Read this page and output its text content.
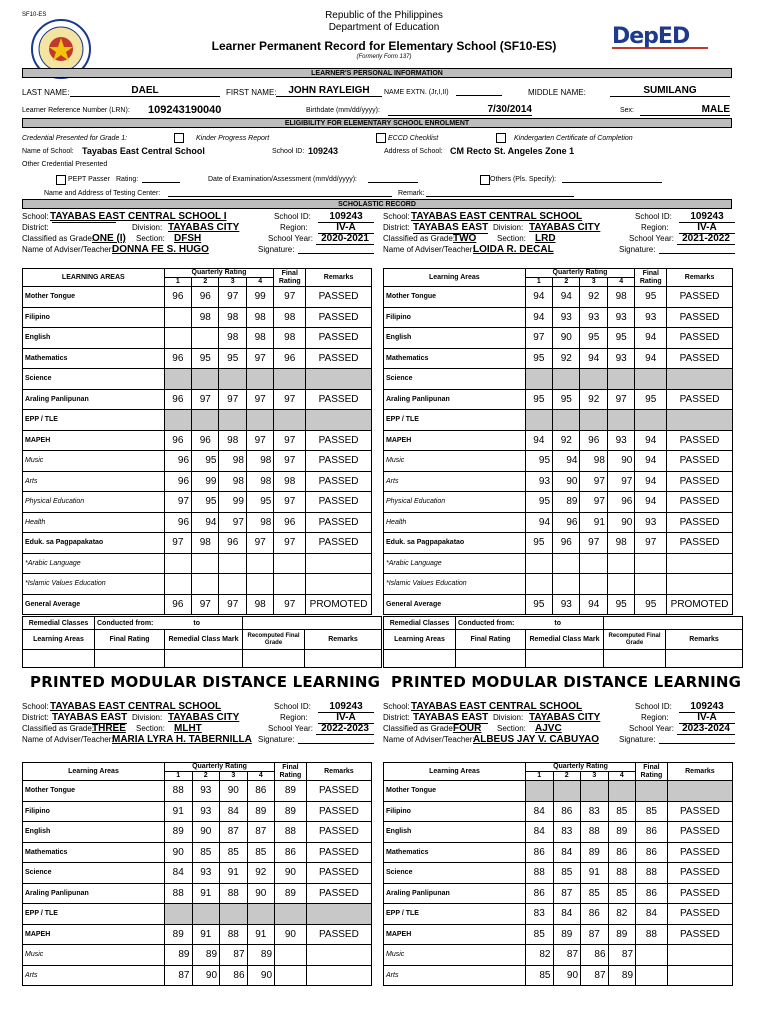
SF10-ES	Republic of the Philippines
Department of Education
Learner Permanent Record for Elementary School (SF10-ES)
(Formerly Form 137)
DepED
LEARNER'S PERSONAL INFORMATION
LAST NAME:	DAEL	FIRST NAME:	JOHN RAYLEIGH	NAME EXTN. (Jr,I,II)	MIDDLE NAME:	SUMILANG
Learner Reference Number (LRN): 109243190040	Birthdate (mm/dd/yyyy):	7/30/2014	Sex:	MALE
ELIGIBILITY FOR ELEMENTARY SCHOOL ENROLMENT
Credential Presented for Grade 1:	Kinder Progress Report	ECCD Checklist	Kindergarten Certificate of Completion
Name of School: Tayabas East Central School	School ID: 109243	Address of School: CM Recto St. Angeles Zone 1
Other Credential Presented
PEPT Passer Rating:	Date of Examination/Assessment (mm/dd/yyyy):	Others (Pls. Specify):
Name and Address of Testing Center:	Remark:
SCHOLASTIC RECORD
School: TAYABAS EAST CENTRAL SCHOOL I	School ID:	109243
District:	Division: TAYABAS CITY	Region:	IV-A
Classified as Grade:
ONE (I) Section: DFSH	School Year: 2020-2021
Name of Adviser/Teacher:
DONNA FE S. HUGO	Signature:
LEARNING AREAS	Quarterly Rating				Final Rating	Remarks
	1	2	3	4		
Mother Tongue	96	96	97	99	97	PASSED
Filipino		98	98	98	98	PASSED
English			98	98	98	PASSED
Mathematics	96	95	95	97	96	PASSED
Science						
Araling Panlipunan	96	97	97	97	97	PASSED
EPP / TLE						
MAPEH	96	96	98	97	97	PASSED
Music	96	95	98	98	97	PASSED
Arts	96	99	98	98	98	PASSED
Physical Education	97	95	99	95	97	PASSED
Health	96	94	97	98	96	PASSED
Eduk. sa Pagpapakatao	97	98	96	97	97	PASSED
*Arabic Language						
*Islamic Values Education						
General Average	96	97	97	98	97	PROMOTED
Remedial Classes	Conducted from: to			
Learning Areas	Final Rating	Remedial Class Mark	Recomputed Final Grade	Remarks

PRINTED MODULAR DISTANCE LEARNING
School: TAYABAS EAST CENTRAL SCHOOL	School ID:	109243
District: TAYABAS EAST Division: TAYABAS CITY	Region:	IV-A
Classified as Grade:
TWO	Section: LRD	School Year: 2021-2022
Name of Adviser/Teacher:
LOIDA R. DECAL	Signature:
Learning Areas	Quarterly Rating				Final Rating	Remarks
	1	2	3	4		
Mother Tongue	94	94	92	98	95	PASSED
Filipino	94	93	93	93	93	PASSED
English	97	90	95	95	94	PASSED
Mathematics	95	92	94	93	94	PASSED
Science						
Araling Panlipunan	95	95	92	97	95	PASSED
EPP / TLE						
MAPEH	94	92	96	93	94	PASSED
Music	95	94	98	90	94	PASSED
Arts	93	90	97	97	94	PASSED
Physical Education	95	89	97	96	94	PASSED
Health	94	96	91	90	93	PASSED
Eduk. sa Pagpapakatao	95	96	97	98	97	PASSED
*Arabic Language						
*Islamic Values Education						
General Average	95	93	94	95	95	PROMOTED
Remedial Classes	Conducted from: to			
Learning Areas	Final Rating	Remedial Class Mark	Recomputed Final Grade	Remarks

PRINTED MODULAR DISTANCE LEARNING
School: TAYABAS EAST CENTRAL SCHOOL	School ID:	109243
District: TAYABAS EAST Division: TAYABAS CITY	Region:	IV-A
Classified as Grade:
THREE Section: MLHT	School Year: 2022-2023
Name of Adviser/Teacher:
MARIA LYRA H. TABERNILLA Signature:
Learning Areas	Quarterly Rating				Final Rating	Remarks
	1	2	3	4		
Mother Tongue	88	93	90	86	89	PASSED
Filipino	91	93	84	89	89	PASSED
English	89	90	87	87	88	PASSED
Mathematics	90	85	85	85	86	PASSED
Science	84	93	91	92	90	PASSED
Araling Panlipunan	88	91	88	90	89	PASSED
EPP / TLE						
MAPEH	89	91	88	91	90	PASSED
Music	89	89	87	89		
Arts	87	90	86	90		
School: TAYABAS EAST CENTRAL SCHOOL	School ID:	109243
District: TAYABAS EAST Division: TAYABAS CITY	Region:	IV-A
Classified as Grade:
FOUR Section: AJVC	School Year: 2023-2024
Name of Adviser/Teacher:
ALBEUS JAY V. CABUYAO	Signature:
Learning Areas	Quarterly Rating				Final Rating	Remarks
	1	2	3	4		
Mother Tongue						
Filipino	84	86	83	85	85	PASSED
English	84	83	88	89	86	PASSED
Mathematics	86	84	89	86	86	PASSED
Science	88	85	91	88	88	PASSED
Araling Panlipunan	86	87	85	85	86	PASSED
EPP / TLE	83	84	86	82	84	PASSED
MAPEH	85	89	87	89	88	PASSED
Music	82	87	86	87		
Arts	85	90	87	89		
